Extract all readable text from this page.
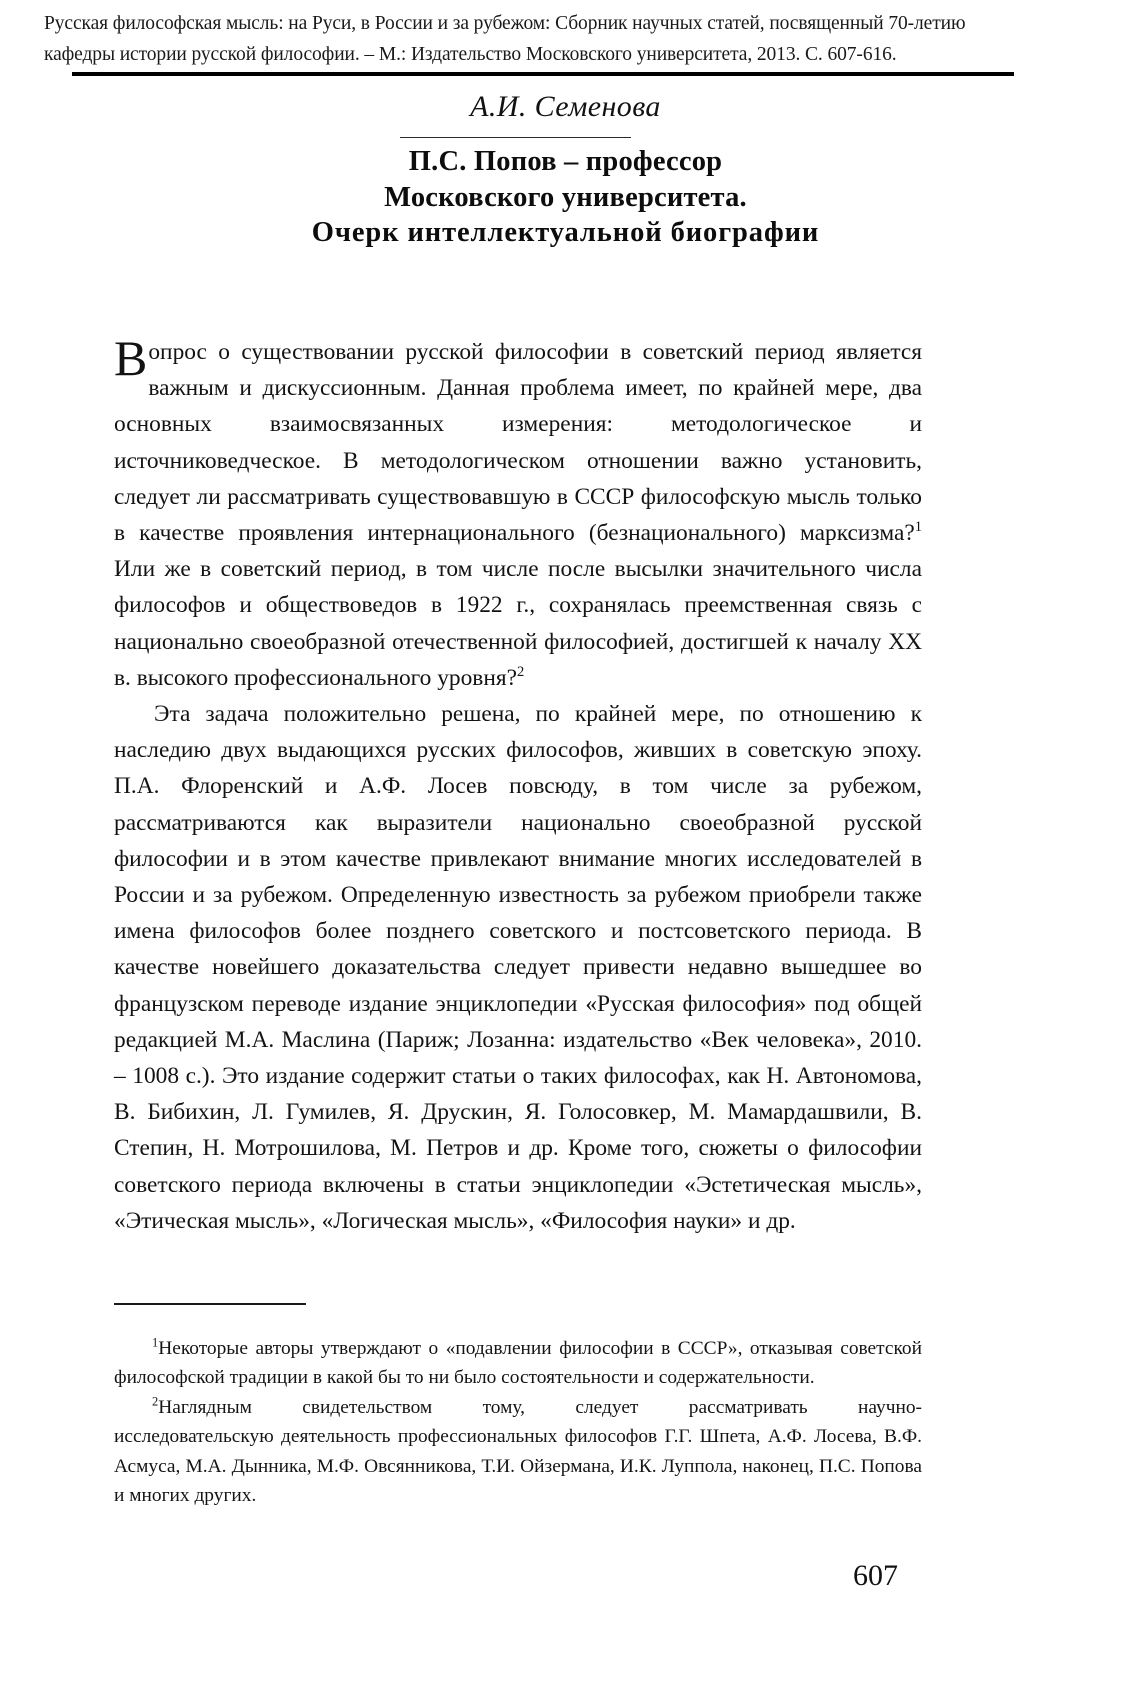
Русская философская мысль: на Руси, в России и за рубежом: Сборник научных статей, посвященный 70-летию
кафедры истории русской философии. – М.: Издательство Московского университета, 2013. С. 607-616.
А.И. Семенова
П.С. Попов – профессор
Московского университета.
Очерк интеллектуальной биографии

Вопрос о существовании русской философии в советский период является важным и дискуссионным. Данная проблема имеет, по крайней мере, два основных взаимосвязанных измерения: методологическое и источниковедческое. В методологическом отношении важно установить, следует ли рассматривать существовавшую в СССР философскую мысль только в качестве проявления интернационального (безнационального) марксизма?$^1$ Или же в советский период, в том числе после высылки значительного числа философов и обществоведов в 1922 г., сохранялась преемственная связь с национально своеобразной отечественной философией, достигшей к началу XX в. высокого профессионального уровня?$^2$

Эта задача положительно решена, по крайней мере, по отношению к наследию двух выдающихся русских философов, живших в советскую эпоху. П.А. Флоренский и А.Ф. Лосев повсюду, в том числе за рубежом, рассматриваются как выразители национально своеобразной русской философии и в этом качестве привлекают внимание многих исследователей в России и за рубежом. Определенную известность за рубежом приобрели также имена философов более позднего советского и постсоветского периода. В качестве новейшего доказательства следует привести недавно вышедшее во французском переводе издание энциклопедии «Русская философия» под общей редакцией М.А. Маслина (Париж; Лозанна: издательство «Век человека», 2010. – 1008 с.). Это издание содержит статьи о таких философах, как Н. Автономова, В. Бибихин, Л. Гумилев, Я. Друскин, Я. Голосовкер, М. Мамардашвили, В. Степин, Н. Мотрошилова, М. Петров и др. Кроме того, сюжеты о философии советского периода включены в статьи энциклопедии «Эстетическая мысль», «Этическая мысль», «Логическая мысль», «Философия науки» и др.

$^1$Некоторые авторы утверждают о «подавлении философии в СССР», отказывая советской философской традиции в какой бы то ни было состоятельности и содержательности.

$^2$Наглядным свидетельством тому, следует рассматривать научно-
исследовательскую деятельность профессиональных философов Г.Г. Шпета, А.Ф. Лосева, В.Ф. Асмуса, М.А. Дынника, М.Ф. Овсянникова, Т.И. Ойзермана, И.К. Луппола, наконец, П.С. Попова и многих других.

607
